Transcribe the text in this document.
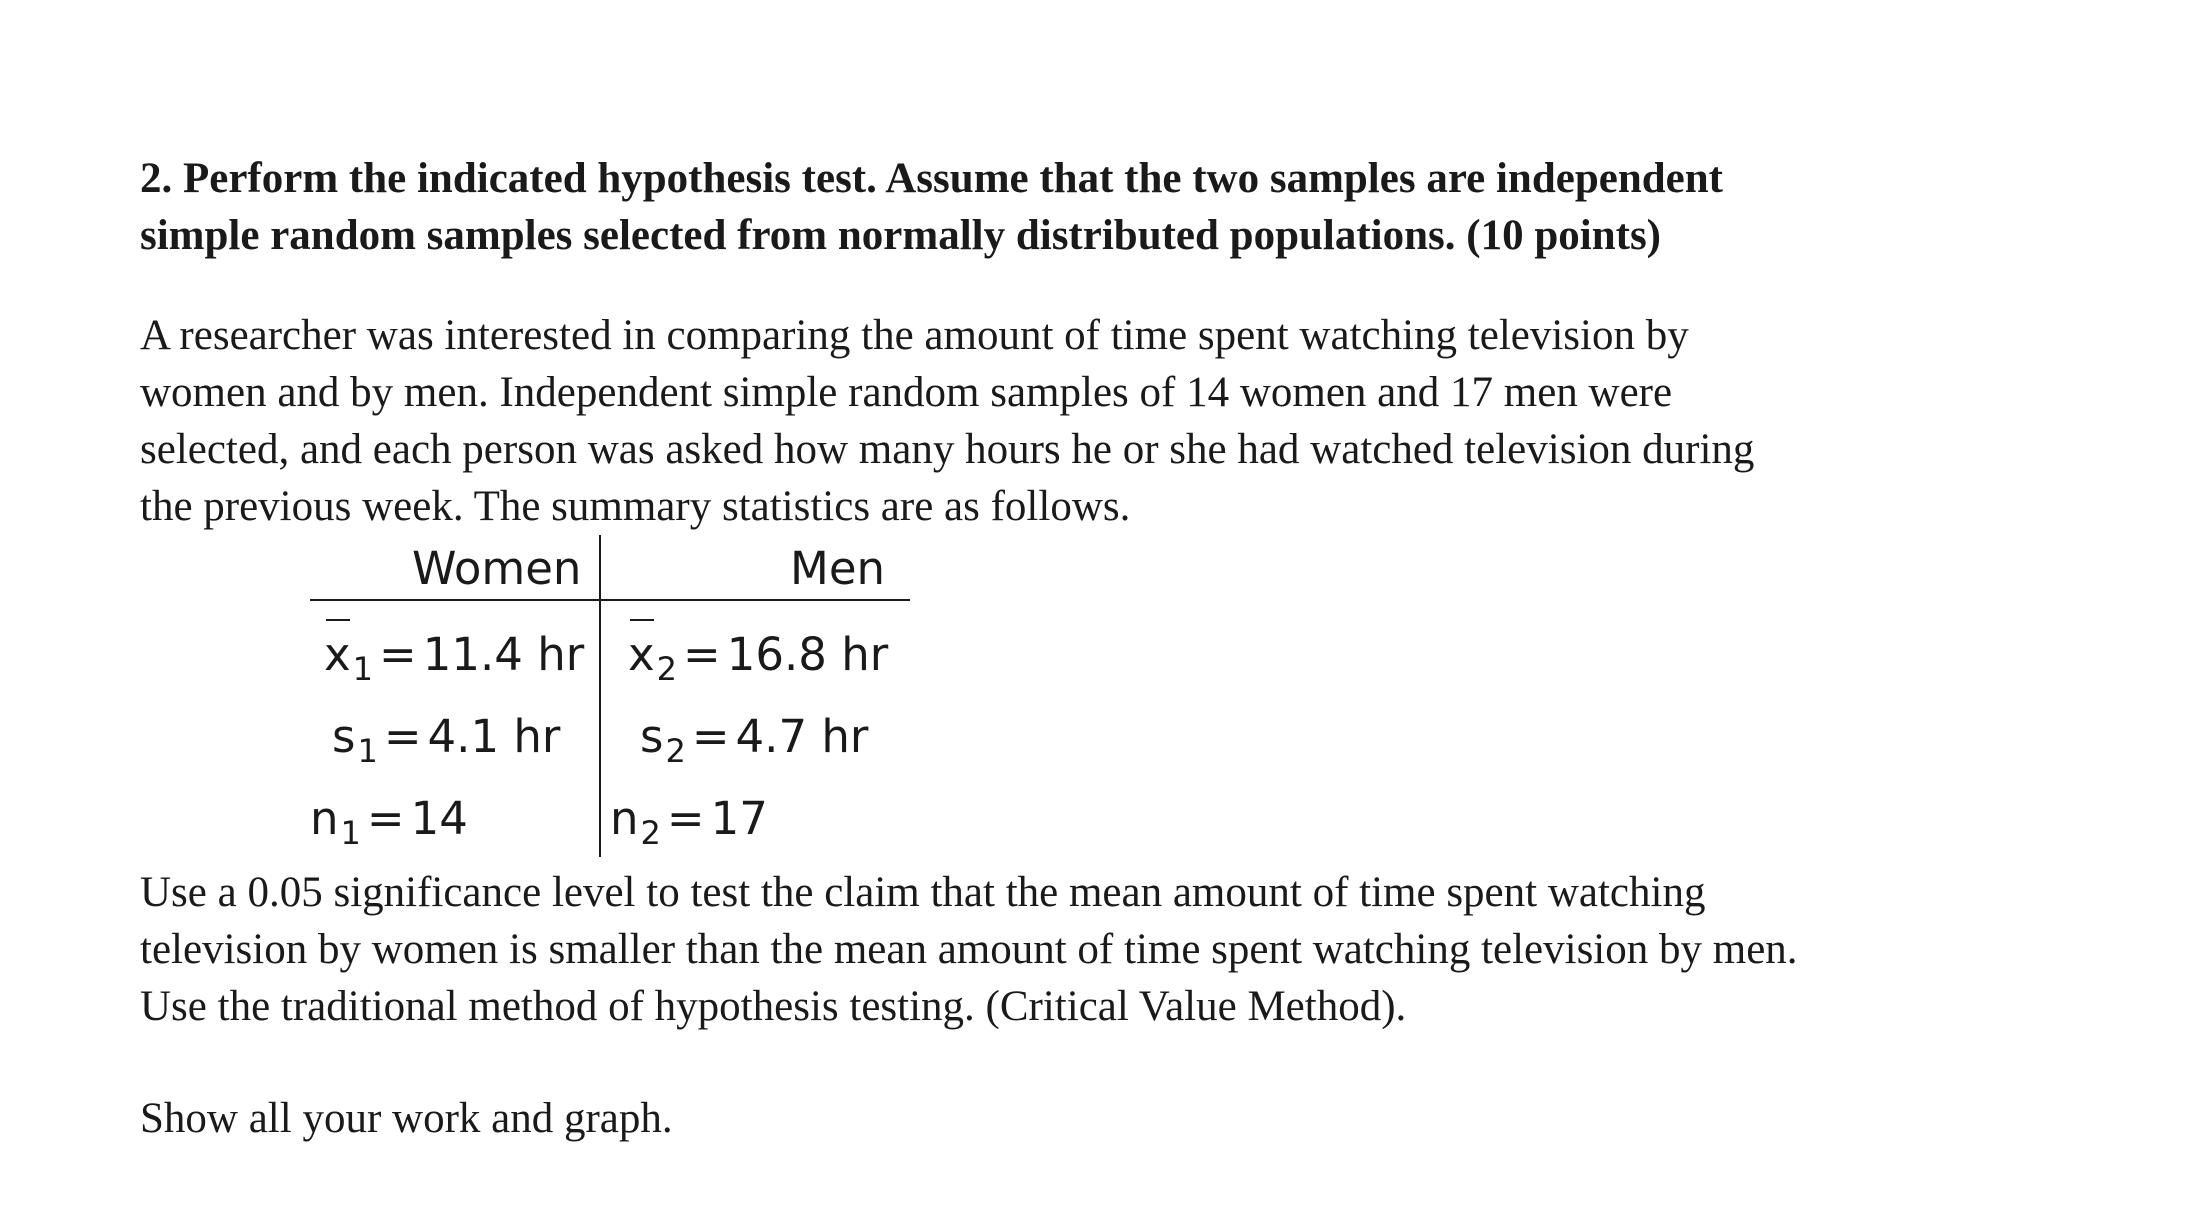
2. Perform the indicated hypothesis test. Assume that the two samples are independent
simple random samples selected from normally distributed populations. (10 points)

A researcher was interested in comparing the amount of time spent watching television by
women and by men. Independent simple random samples of 14 women and 17 men were
selected, and each person was asked how many hours he or she had watched television during
the previous week. The summary statistics are as follows.

Women	Men
$x_1 = 11.4$ hr $x_2 = 16.8$ hr
$s_1 = 4.1$ hr $s_2 = 4.7$ hr
$n_1 = 14$	$n_2 = 17$

Use a 0.05 significance level to test the claim that the mean amount of time spent watching
television by women is smaller than the mean amount of time spent watching television by men.
Use the traditional method of hypothesis testing. (Critical Value Method).

Show all your work and graph.
